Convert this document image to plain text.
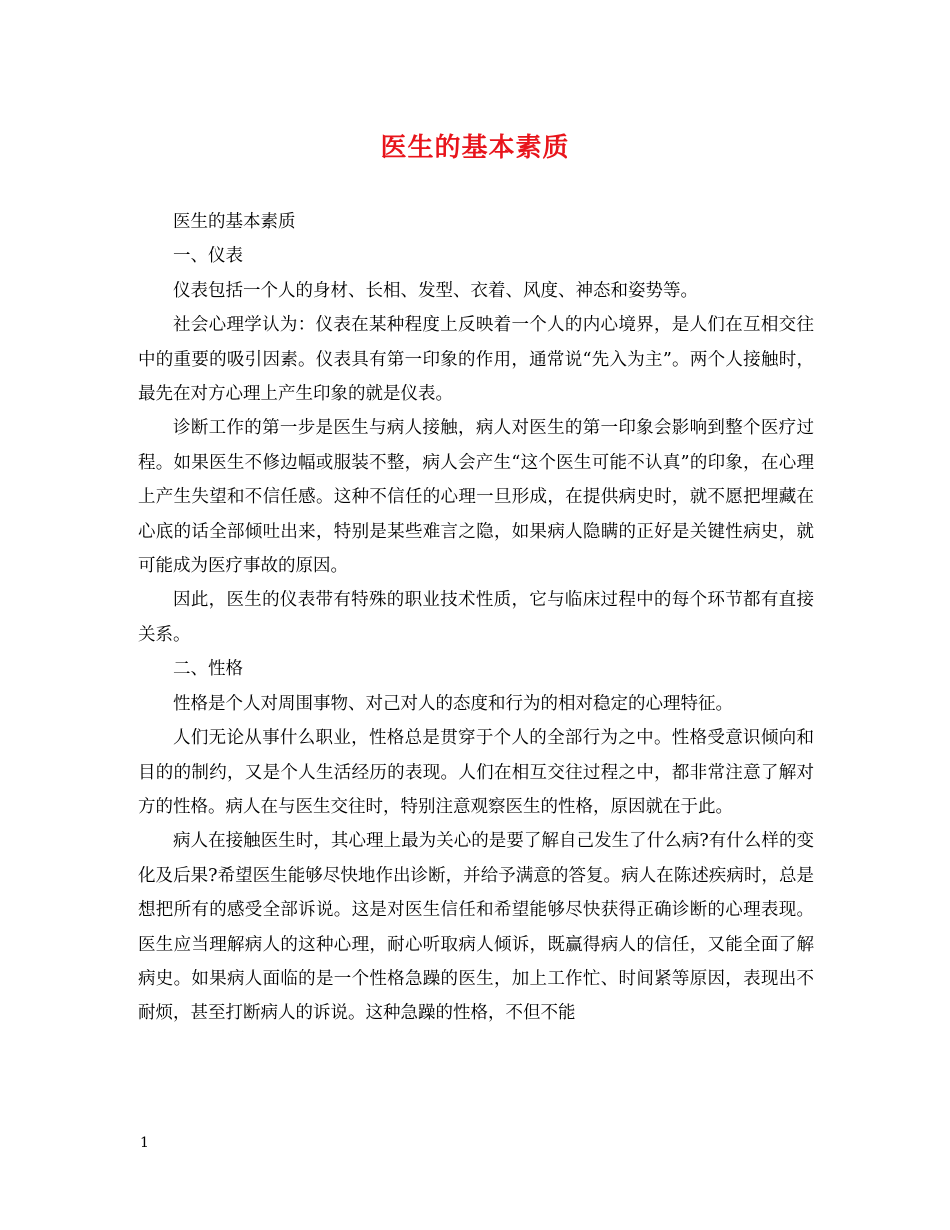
医生的基本素质

医生的基本素质

一、仪表

仪表包括一个人的身材、长相、发型、衣着、风度、神态和姿势等。

社会心理学认为：仪表在某种程度上反映着一个人的内心境界，是人们在互相交往中的重要的吸引因素。仪表具有第一印象的作用，通常说“先入为主”。两个人接触时，最先在对方心理上产生印象的就是仪表。

诊断工作的第一步是医生与病人接触，病人对医生的第一印象会影响到整个医疗过程。如果医生不修边幅或服装不整，病人会产生“这个医生可能不认真”的印象，在心理上产生失望和不信任感。这种不信任的心理一旦形成，在提供病史时，就不愿把埋藏在心底的话全部倾吐出来，特别是某些难言之隐，如果病人隐瞒的正好是关键性病史，就可能成为医疗事故的原因。

因此，医生的仪表带有特殊的职业技术性质，它与临床过程中的每个环节都有直接关系。

二、性格

性格是个人对周围事物、对己对人的态度和行为的相对稳定的心理特征。

人们无论从事什么职业，性格总是贯穿于个人的全部行为之中。性格受意识倾向和目的的制约，又是个人生活经历的表现。人们在相互交往过程之中，都非常注意了解对方的性格。病人在与医生交往时，特别注意观察医生的性格，原因就在于此。

病人在接触医生时，其心理上最为关心的是要了解自己发生了什么病?有什么样的变化及后果?希望医生能够尽快地作出诊断，并给予满意的答复。病人在陈述疾病时，总是想把所有的感受全部诉说。这是对医生信任和希望能够尽快获得正确诊断的心理表现。医生应当理解病人的这种心理，耐心听取病人倾诉，既赢得病人的信任，又能全面了解病史。如果病人面临的是一个性格急躁的医生，加上工作忙、时间紧等原因，表现出不耐烦，甚至打断病人的诉说。这种急躁的性格，不但不能

1
